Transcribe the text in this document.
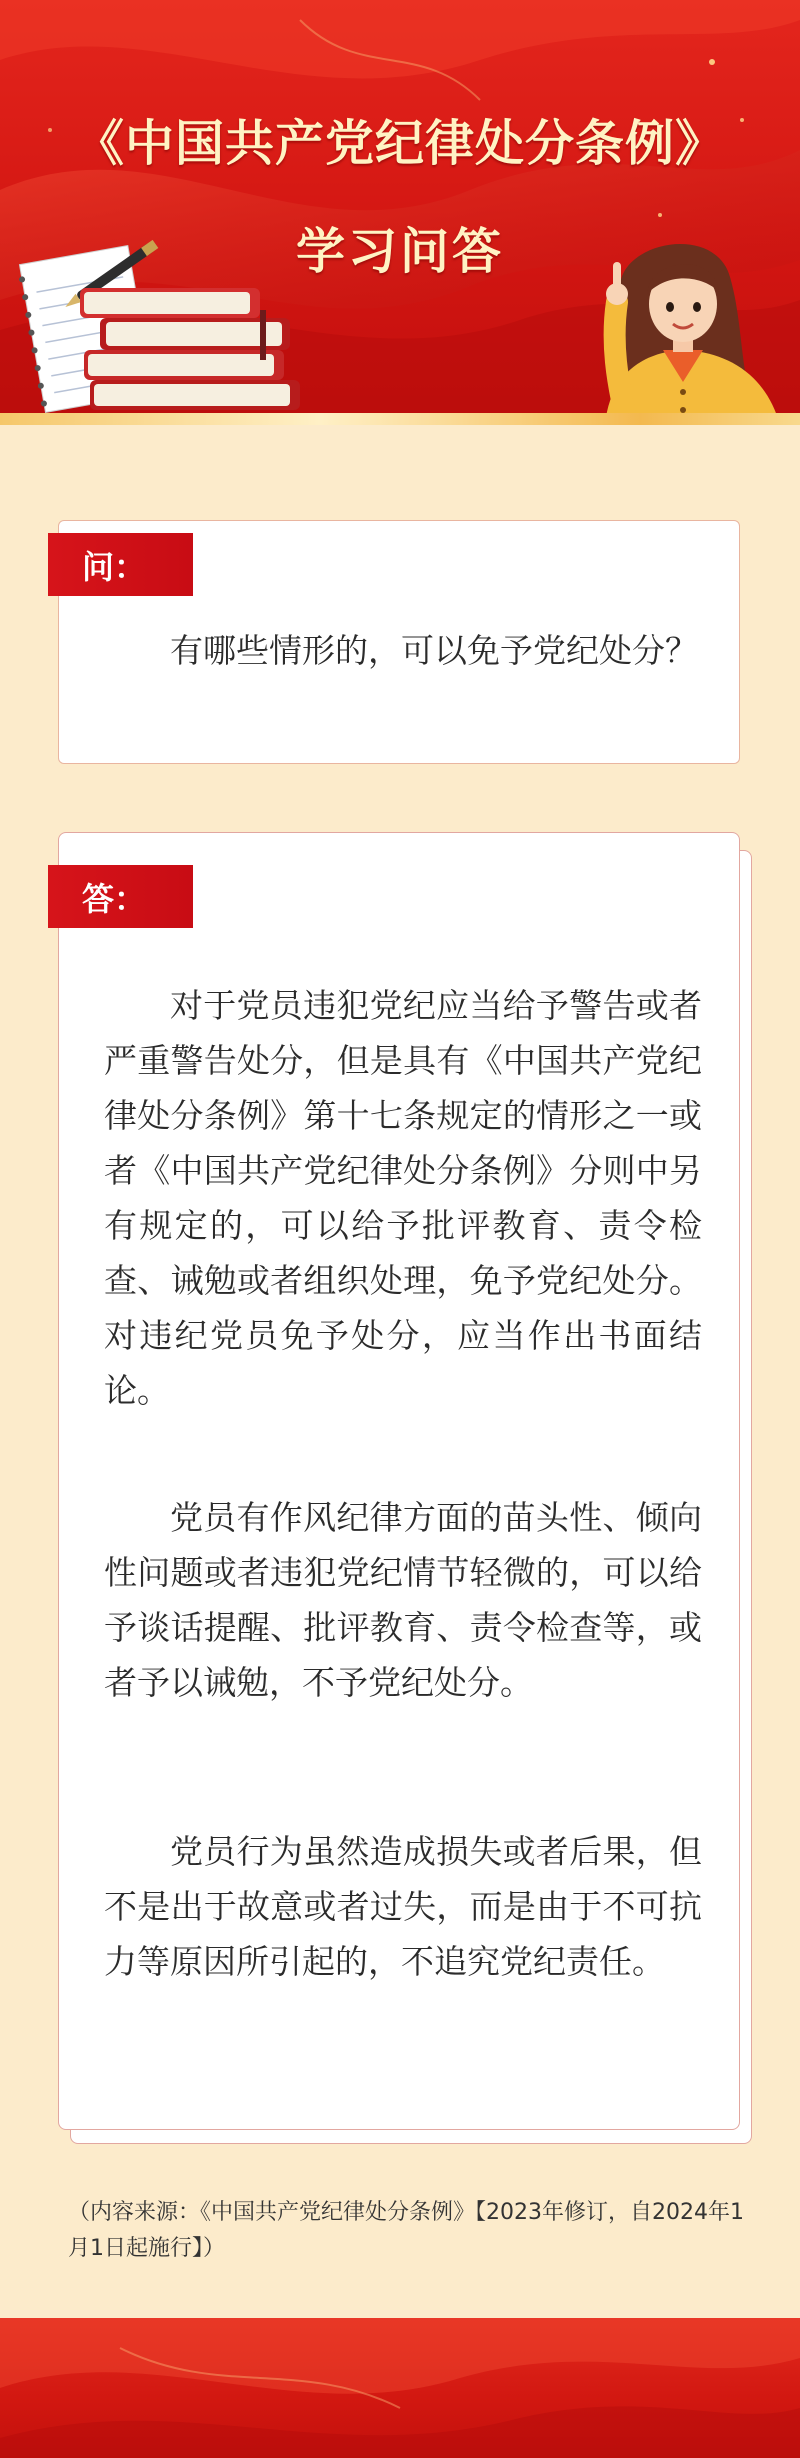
《中国共产党纪律处分条例》
学习问答
问：

有哪些情形的，可以免予党纪处分？

答：

对于党员违犯党纪应当给予警告或者严重警告处分，但是具有《中国共产党纪律处分条例》第十七条规定的情形之一或者《中国共产党纪律处分条例》分则中另有规定的，可以给予批评教育、责令检查、诫勉或者组织处理，免予党纪处分。对违纪党员免予处分，应当作出书面结论。

党员有作风纪律方面的苗头性、倾向性问题或者违犯党纪情节轻微的，可以给予谈话提醒、批评教育、责令检查等，或者予以诫勉，不予党纪处分。

党员行为虽然造成损失或者后果，但不是出于故意或者过失，而是由于不可抗力等原因所引起的，不追究党纪责任。

（内容来源：《中国共产党纪律处分条例》【2023年修订，自2024年1月1日起施行】）
